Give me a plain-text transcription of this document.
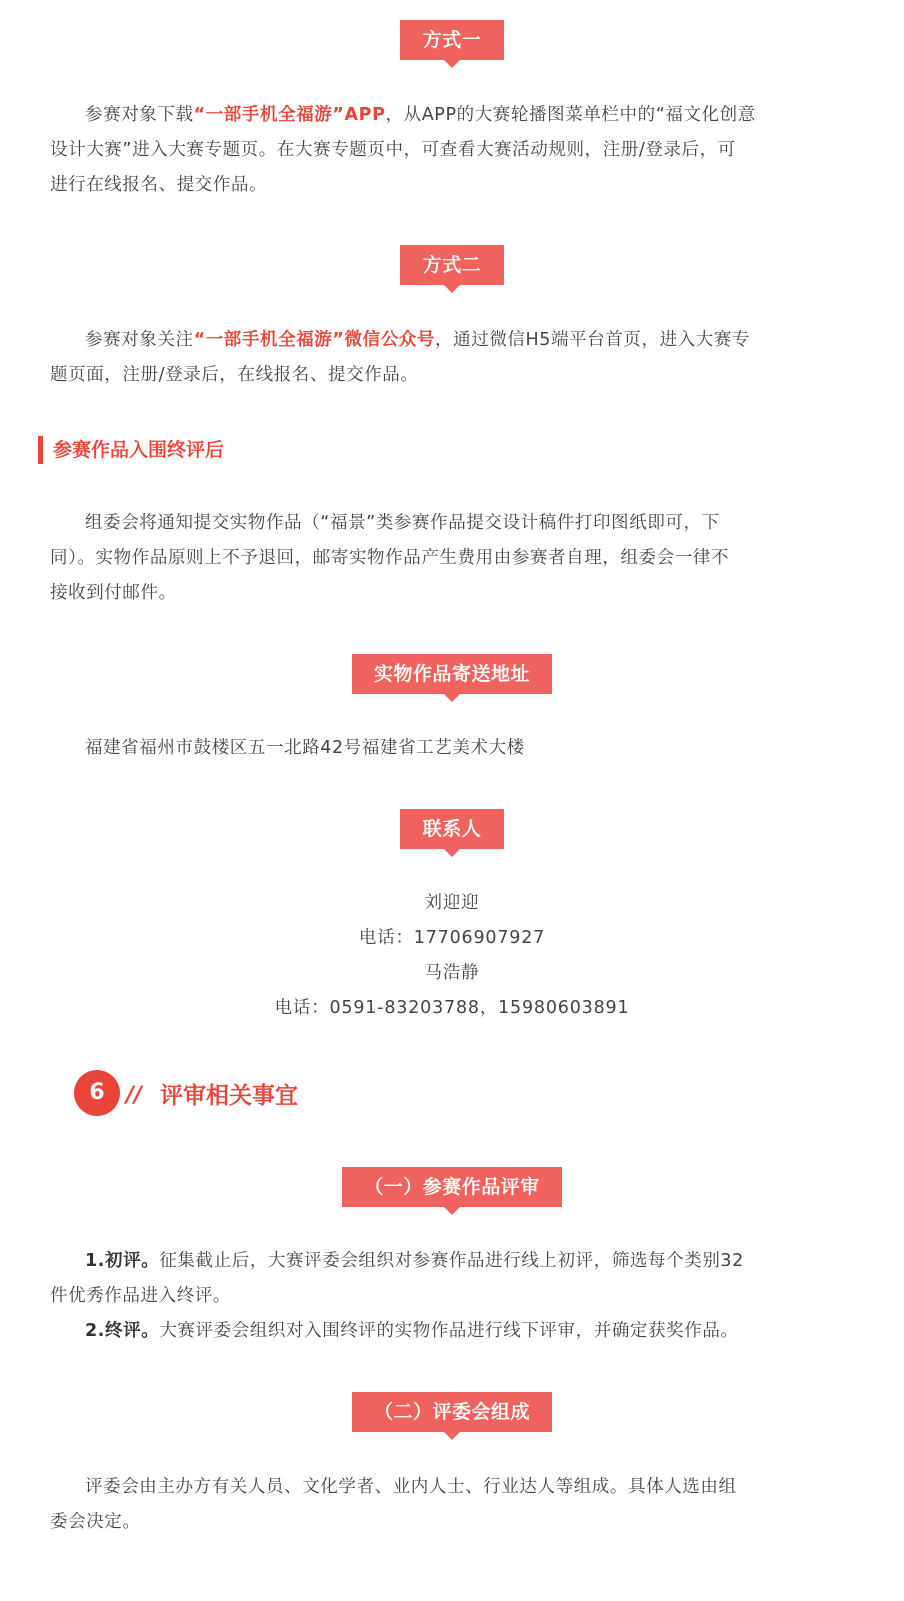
方式一
参赛对象下载“一部手机全福游”APP，从APP的大赛轮播图菜单栏中的“福文化创意
设计大赛”进入大赛专题页。在大赛专题页中，可查看大赛活动规则，注册/登录后，可
进行在线报名、提交作品。
方式二
参赛对象关注“一部手机全福游”微信公众号，通过微信H5端平台首页，进入大赛专
题页面，注册/登录后，在线报名、提交作品。
参赛作品入围终评后
组委会将通知提交实物作品（“福景”类参赛作品提交设计稿件打印图纸即可，下
同）。实物作品原则上不予退回，邮寄实物作品产生费用由参赛者自理，组委会一律不
接收到付邮件。
实物作品寄送地址
福建省福州市鼓楼区五一北路42号福建省工艺美术大楼
联系人
刘迎迎
电话：17706907927
马浩静
电话：0591-83203788，15980603891
6 // 评审相关事宜
（一）参赛作品评审
1.初评。征集截止后，大赛评委会组织对参赛作品进行线上初评，筛选每个类别32
件优秀作品进入终评。
2.终评。大赛评委会组织对入围终评的实物作品进行线下评审，并确定获奖作品。
（二）评委会组成
评委会由主办方有关人员、文化学者、业内人士、行业达人等组成。具体人选由组
委会决定。
